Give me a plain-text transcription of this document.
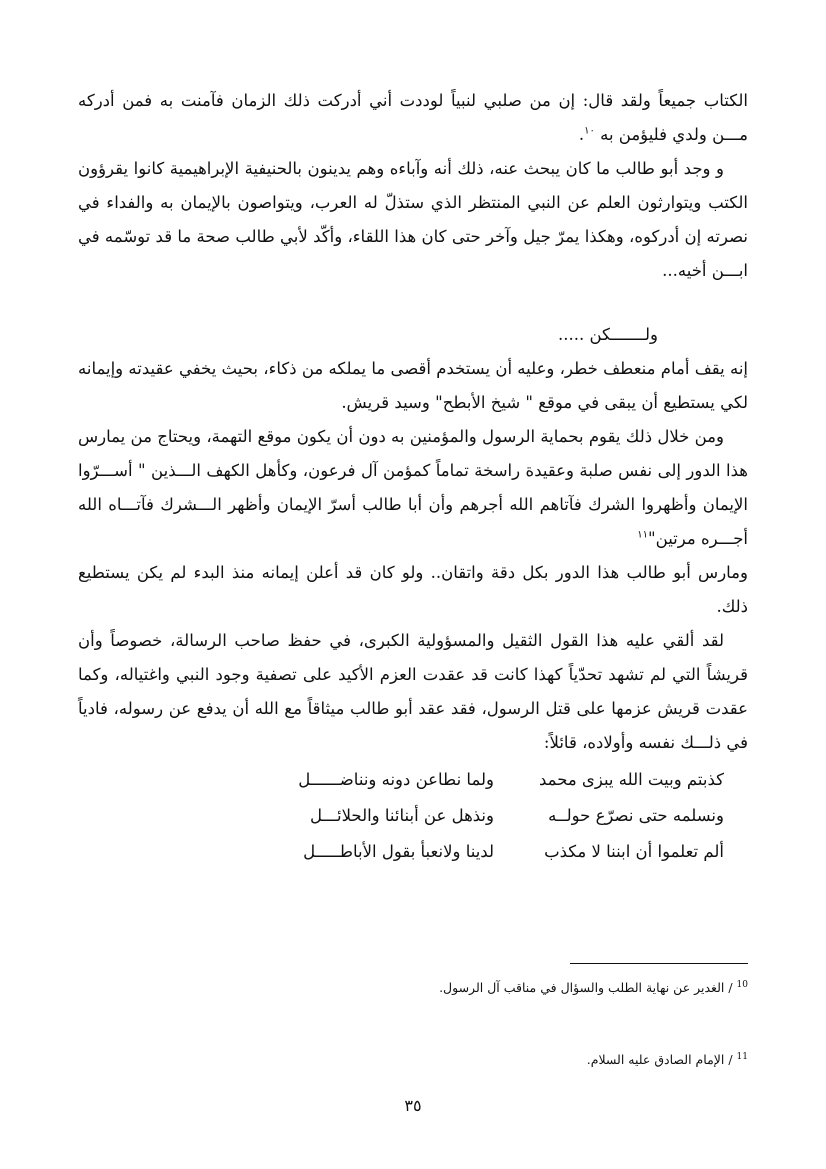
الكتاب جميعاً ولقد قال: إن من صلبي لنبياً لوددت أني أدركت ذلك الزمان فآمنت به فمن أدركه مـــن ولدي فليؤمن به $^{١٠}$.

و وجد أبو طالب ما كان يبحث عنه، ذلك أنه وآباءه وهم يدينون بالحنيفية الإبراهيمية كانوا يقرؤون الكتب ويتوارثون العلم عن النبي المنتظر الذي ستذلّ له العرب، ويتواصون بالإيمان به والفداء في نصرته إن أدركوه، وهكذا يمرّ جيل وآخر حتى كان هذا اللقاء، وأكّد لأبي طالب صحة ما قد توسّمه في ابـــن أخيه...

ولـــــــكن .....

إنه يقف أمام منعطف خطر، وعليه أن يستخدم أقصى ما يملكه من ذكاء، بحيث يخفي عقيدته وإيمانه لكي يستطيع أن يبقى في موقع " شيخ الأبطح" وسيد قريش.

ومن خلال ذلك يقوم بحماية الرسول والمؤمنين به دون أن يكون موقع التهمة، ويحتاج من يمارس هذا الدور إلى نفس صلبة وعقيدة راسخة تماماً كمؤمن آل فرعون، وكأهل الكهف الـــذين " أســـرّوا الإيمان وأظهروا الشرك فآتاهم الله أجرهم وأن أبا طالب أسرّ الإيمان وأظهر الـــشرك فآتـــاه الله أجـــره مرتين"$^{١١}$

ومارس أبو طالب هذا الدور بكل دقة واتقان.. ولو كان قد أعلن إيمانه منذ البدء لم يكن يستطيع ذلك.

لقد ألقي عليه هذا القول الثقيل والمسؤولية الكبرى، في حفظ صاحب الرسالة، خصوصاً وأن قريشاً التي لم تشهد تحدّياً كهذا كانت قد عقدت العزم الأكيد على تصفية وجود النبي واغتياله، وكما عقدت قريش عزمها على قتل الرسول، فقد عقد أبو طالب ميثاقاً مع الله أن يدفع عن رسوله، فادياً في ذلـــك نفسه وأولاده، قائلاً:

كذبتم وبيت الله يبزى محمد
ولما نطاعن دونه ونناضــــــل
ونسلمه حتى نصرّع حولــه
ونذهل عن أبنائنا والحلائـــل
ألم تعلموا أن ابننا لا مكذب
لدينا ولانعبأ بقول الأباطـــــل
$^{10}$ / الغدير عن نهاية الطلب والسؤال في مناقب آل الرسول.
$^{11}$ / الإمام الصادق عليه السلام.
٣٥
